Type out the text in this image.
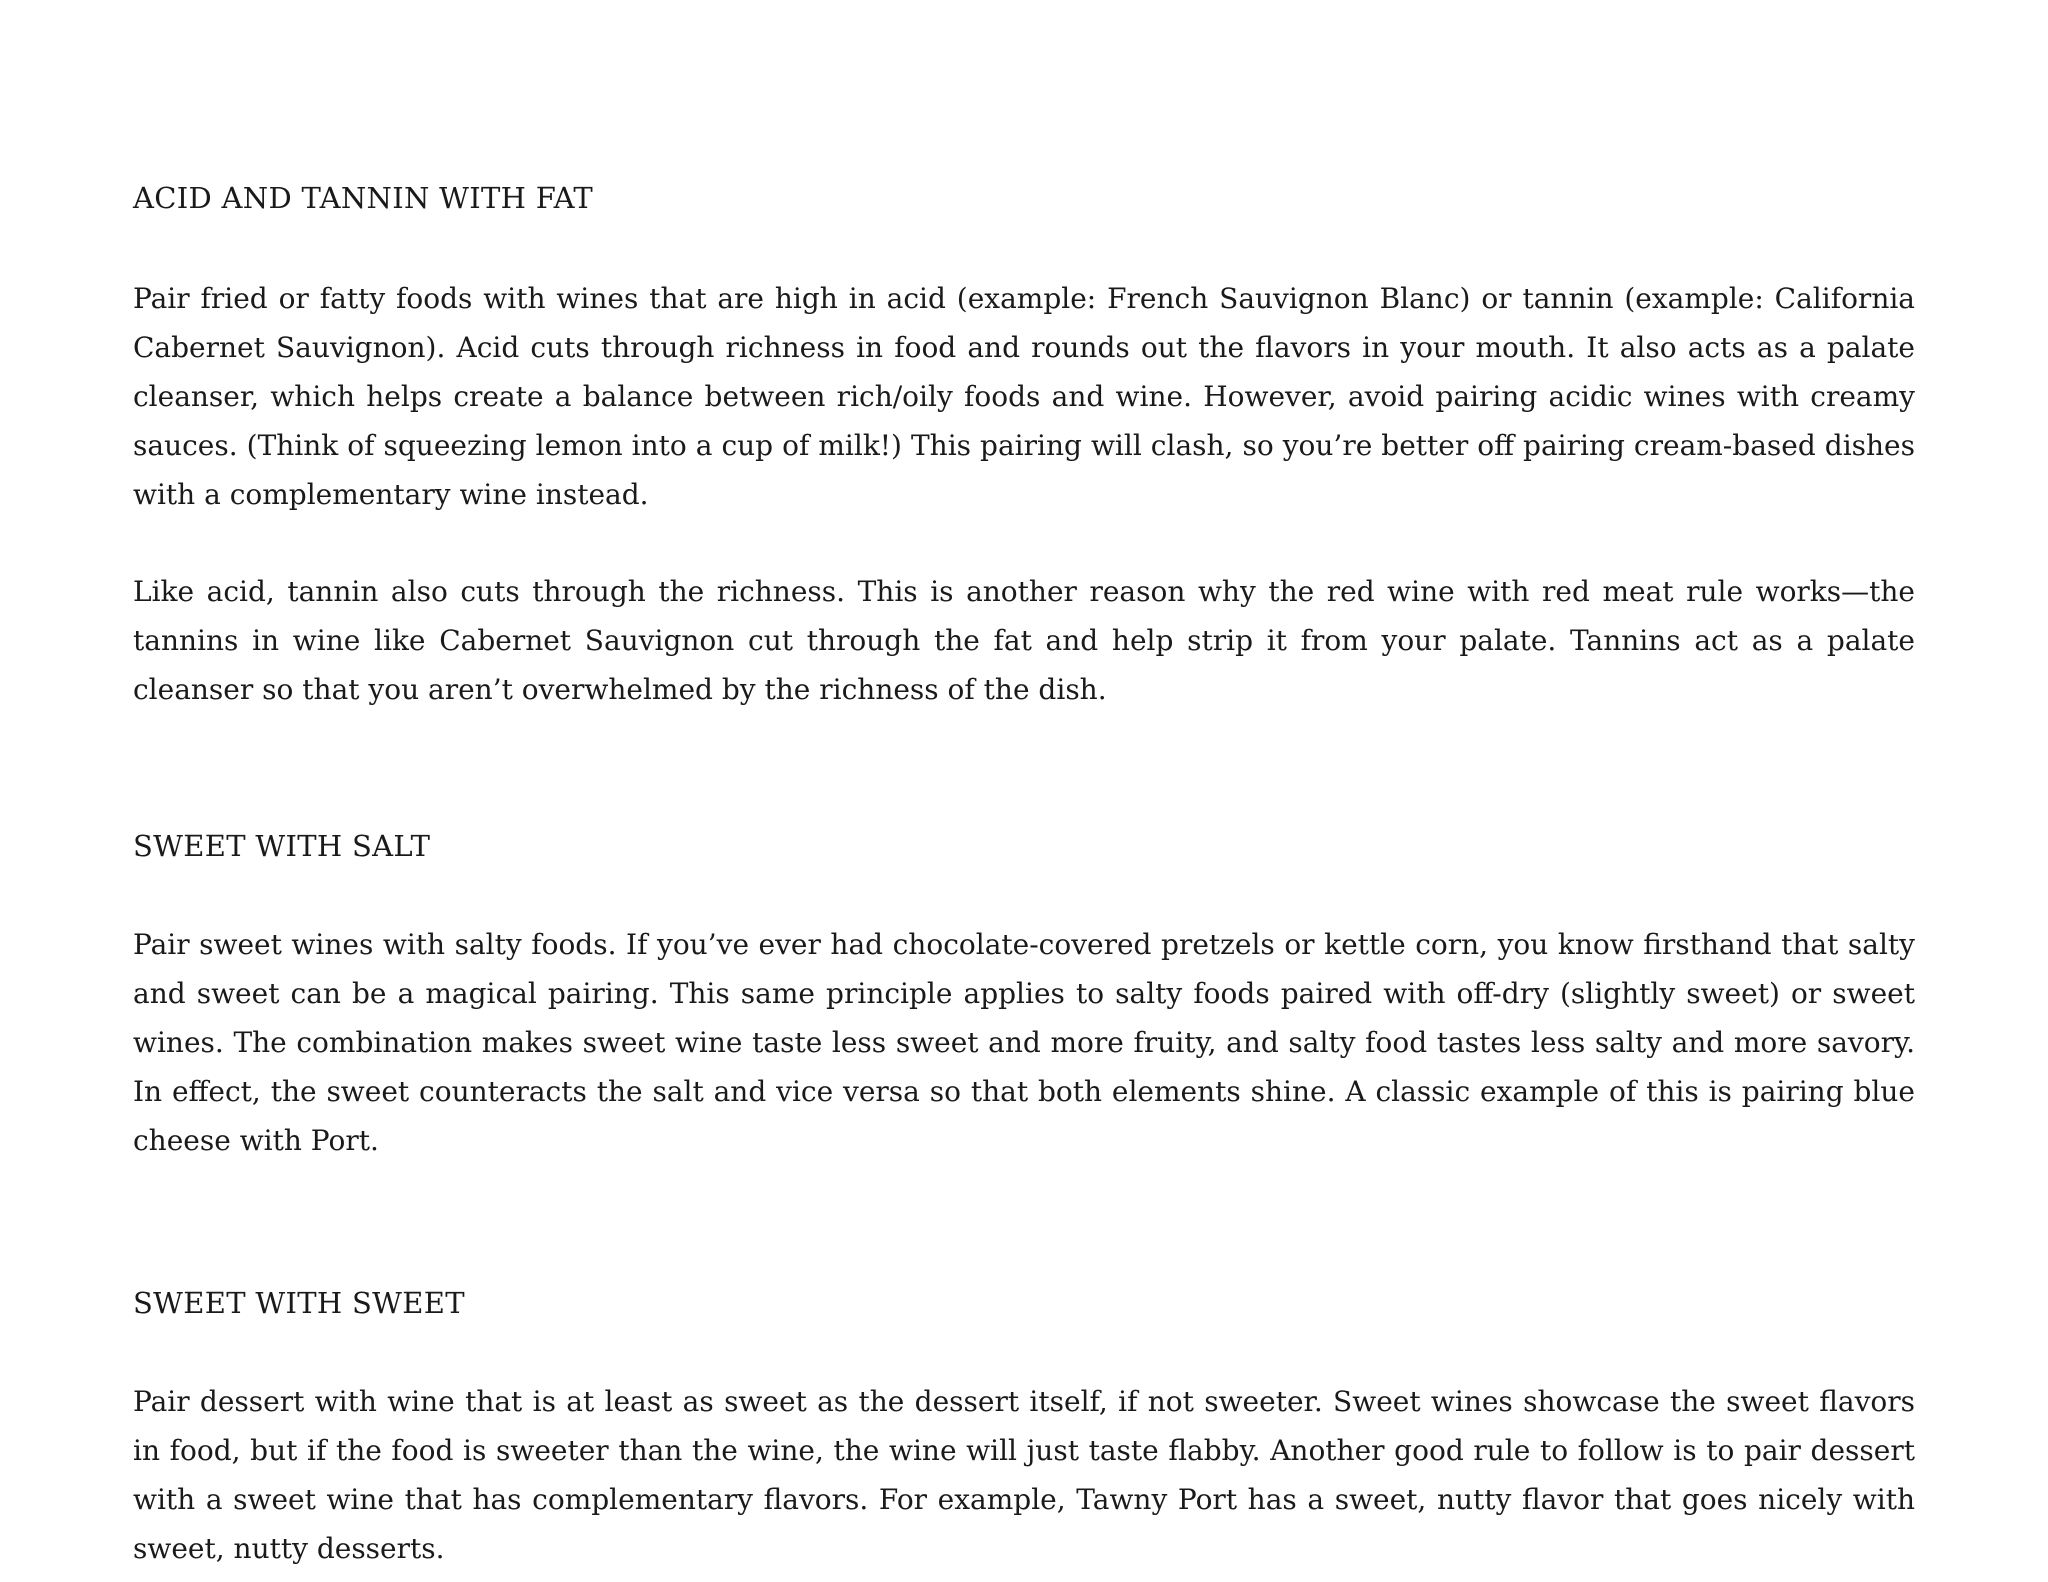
ACID AND TANNIN WITH FAT

Pair fried or fatty foods with wines that are high in acid (example: French Sauvignon Blanc) or tannin (example: California Cabernet Sauvignon). Acid cuts through richness in food and rounds out the flavors in your mouth. It also acts as a palate cleanser, which helps create a balance between rich/oily foods and wine. However, avoid pairing acidic wines with creamy sauces. (Think of squeezing lemon into a cup of milk!) This pairing will clash, so you’re better off pairing cream-based dishes with a complementary wine instead.

Like acid, tannin also cuts through the richness. This is another reason why the red wine with red meat rule works—the tannins in wine like Cabernet Sauvignon cut through the fat and help strip it from your palate. Tannins act as a palate cleanser so that you aren’t overwhelmed by the richness of the dish.

SWEET WITH SALT

Pair sweet wines with salty foods. If you’ve ever had chocolate-covered pretzels or kettle corn, you know firsthand that salty and sweet can be a magical pairing. This same principle applies to salty foods paired with off-dry (slightly sweet) or sweet wines. The combination makes sweet wine taste less sweet and more fruity, and salty food tastes less salty and more savory. In effect, the sweet counteracts the salt and vice versa so that both elements shine. A classic example of this is pairing blue cheese with Port.

SWEET WITH SWEET

Pair dessert with wine that is at least as sweet as the dessert itself, if not sweeter. Sweet wines showcase the sweet flavors in food, but if the food is sweeter than the wine, the wine will just taste flabby. Another good rule to follow is to pair dessert with a sweet wine that has complementary flavors. For example, Tawny Port has a sweet, nutty flavor that goes nicely with sweet, nutty desserts.
